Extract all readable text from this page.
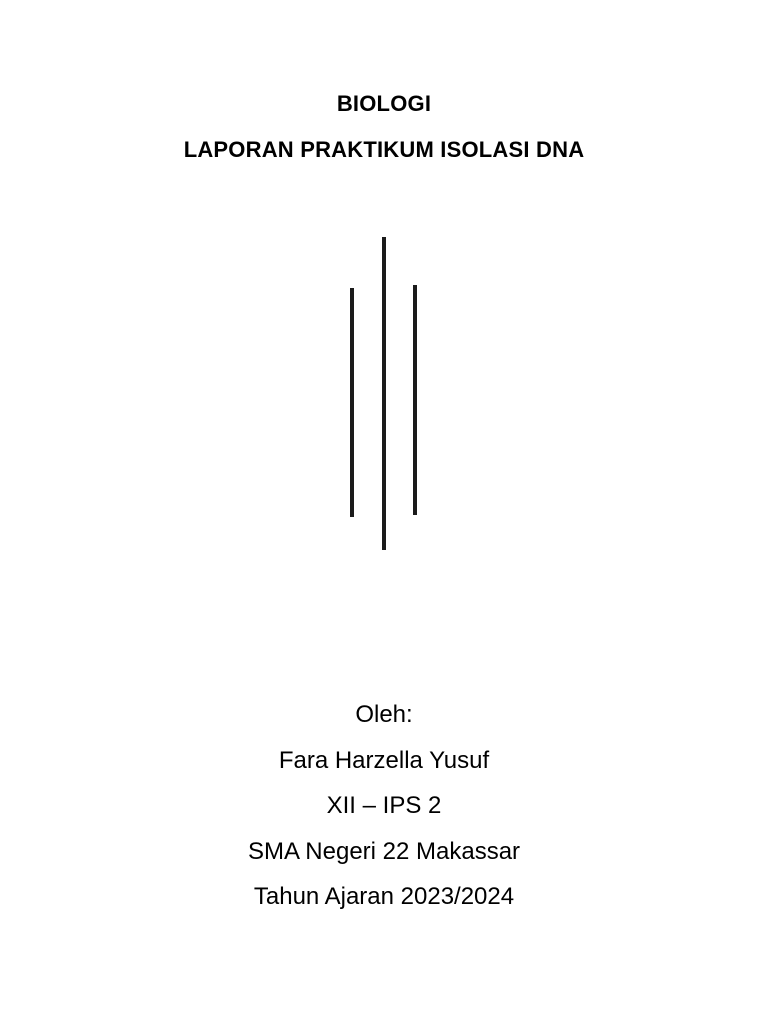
BIOLOGI
LAPORAN PRAKTIKUM ISOLASI DNA
Oleh:
Fara Harzella Yusuf
XII – IPS 2
SMA Negeri 22 Makassar
Tahun Ajaran 2023/2024
